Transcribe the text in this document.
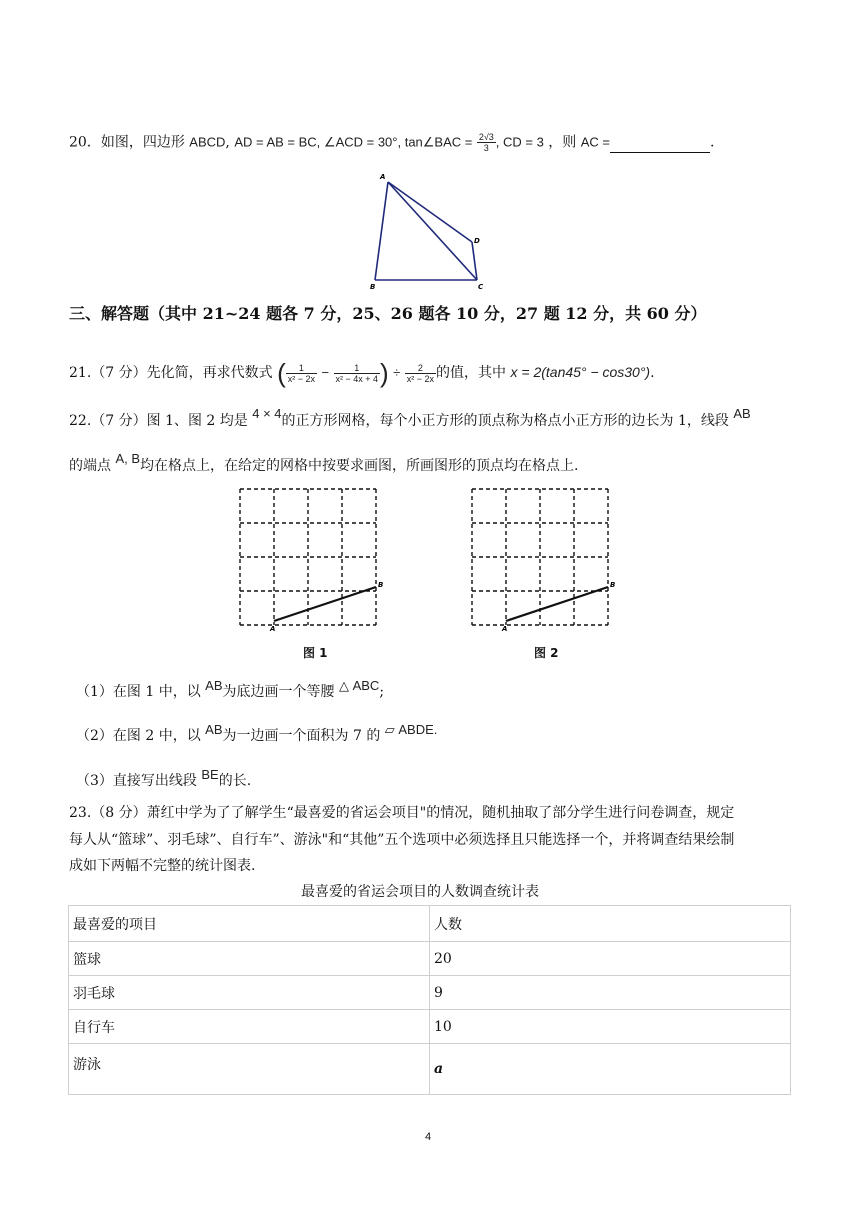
20．如图，四边形 ABCD, AD = AB = BC, ∠ACD = 30°, tan∠BAC = $\frac{2√3}{3}$ , CD = 3 ，则 AC =	.
A
B	C
D
三、解答题（其中 21~24 题各 7 分，25、26 题各 10 分，27 题 12 分，共 60 分）
21.（7 分）先化简，再求代数式 ( $\frac{1}{\text{x² − 2x}} - \frac{1}{\text{x² − 4x + 4}}$ ) ÷ $\frac{2}{\text{x² − 2x}}$ 的值，其中 x = 2(tan45° − cos30°).
22.（7 分）图 1、图 2 均是 4 × 4的正方形网格，每个小正方形的顶点称为格点小正方形的边长为 1，线段 AB
的端点 A, B均在格点上，在给定的网格中按要求画图，所画图形的顶点均在格点上.
A
B
图 1
A
B
图 2
（1）在图 1 中，以 AB为底边画一个等腰 △ ABC;
（2）在图 2 中，以 AB为一边画一个面积为 7 的 ▱ ABDE.
（3）直接写出线段 BE的长.
23.（8 分）萧红中学为了了解学生“最喜爱的省运会项目"的情况，随机抽取了部分学生进行问卷调查，规定
每人从“篮球”、羽毛球”、自行车”、游泳"和“其他”五个选项中必须选择且只能选择一个，并将调查结果绘制
成如下两幅不完整的统计图表.
最喜爱的省运会项目的人数调查统计表
最喜爱的项目	人数
篮球	20
羽毛球	9
自行车	10
游泳	a
4
